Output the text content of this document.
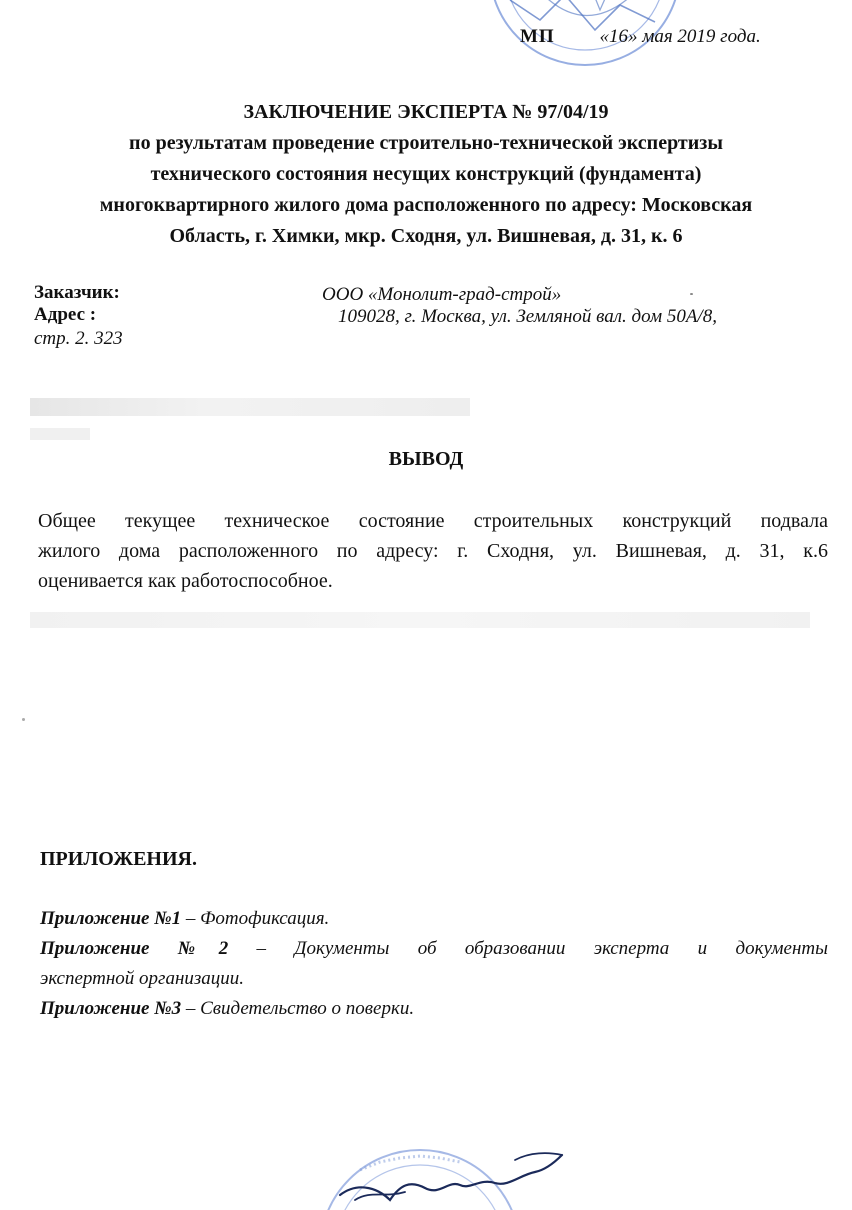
МП «16» мая 2019 года.
ЗАКЛЮЧЕНИЕ ЭКСПЕРТА № 97/04/19
по результатам проведение строительно-технической экспертизы
технического состояния несущих конструкций (фундамента)
многоквартирного жилого дома расположенного по адресу: Московская
Область, г. Химки, мкр. Сходня, ул. Вишневая, д. 31, к. 6
Заказчик:	ООО «Монолит-град-строй»
Адрес :	109028, г. Москва, ул. Земляной вал. дом 50А/8,
стр. 2. 323
ВЫВОД
Общее текущее техническое состояние строительных конструкций подвала
жилого дома расположенного по адресу: г. Сходня, ул. Вишневая, д. 31, к.6
оценивается как работоспособное.
ПРИЛОЖЕНИЯ.
Приложение №1 – Фотофиксация.
Приложение №2 – Документы об образовании эксперта и документы
экспертной организации.
Приложение №3 – Свидетельство о поверки.
